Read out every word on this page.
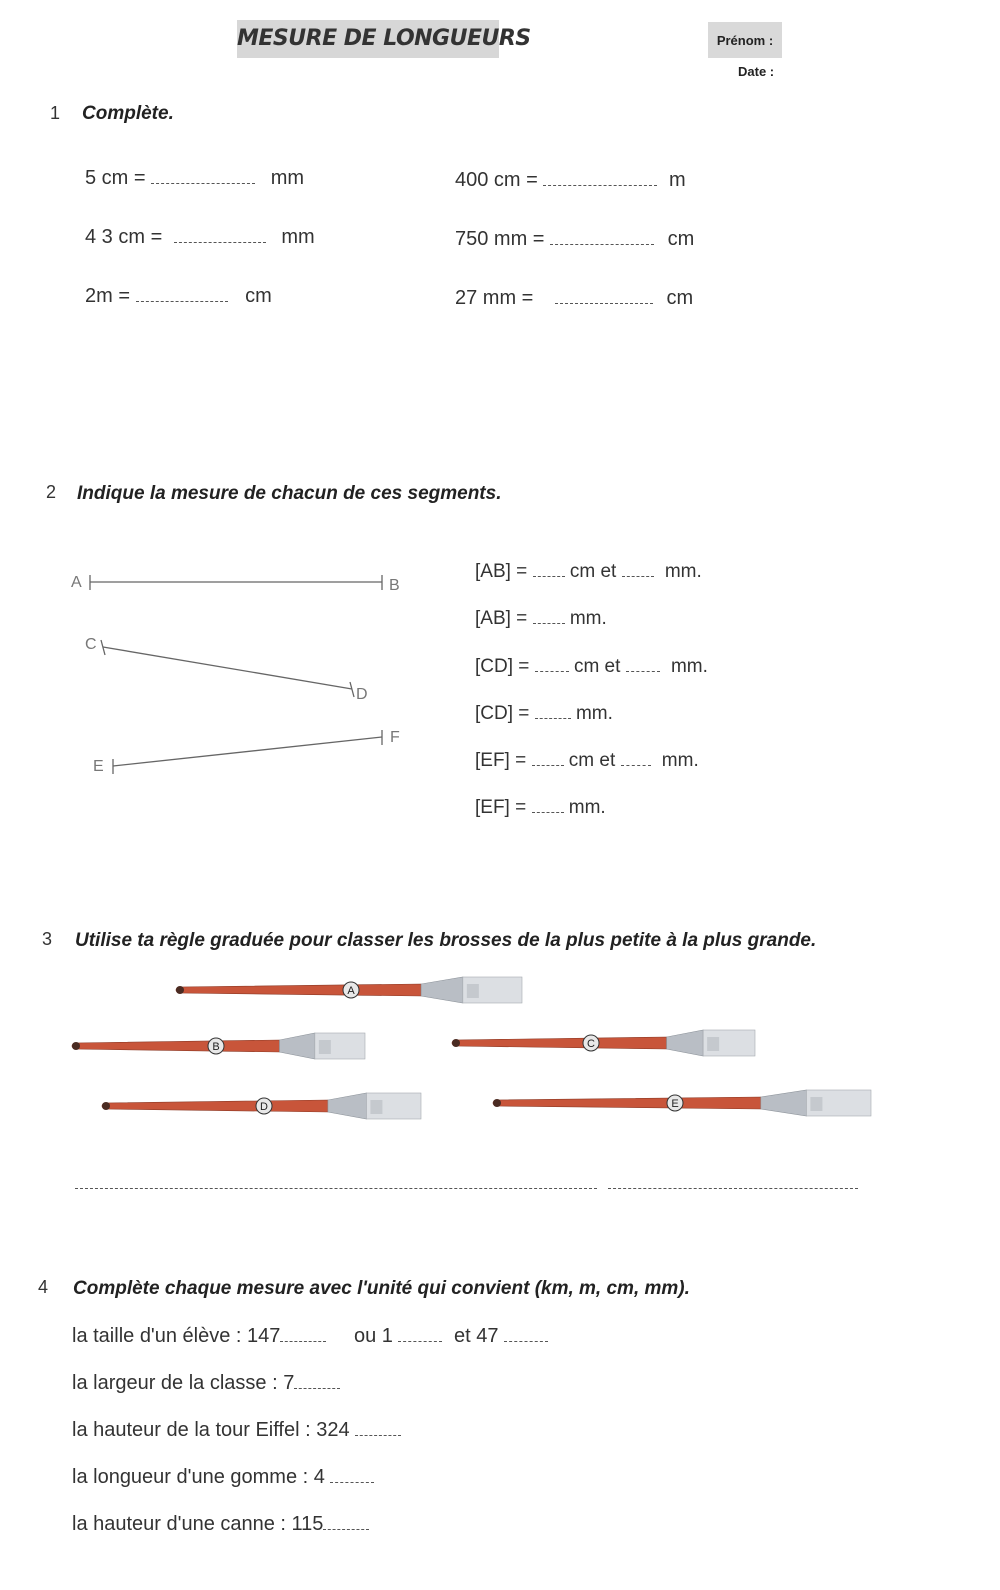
MESURE DE LONGUEURS	Prénom :
Date :
1 Complète.
5 cm =	mm	400 cm =	m
4 3 cm =	mm	750 mm =	cm
2m =	cm	27 mm =	cm
2 Indique la mesure de chacun de ces segments.
A	B
C
D
E
F
[AB] = cm et	mm.
[AB] = mm.
[CD] = cm et	mm.
[CD] = mm.
[EF] = cm et mm.
[EF] = mm.
3 Utilise ta règle graduée pour classer les brosses de la plus petite à la plus grande.
A
B	C
D	E
4 Complète chaque mesure avec l'unité qui convient (km, m, cm, mm).
la taille d'un élève : 147	ou 1	et 47
la largeur de la classe : 7
la hauteur de la tour Eiffel : 324
la longueur d'une gomme : 4
la hauteur d'une canne : 115
